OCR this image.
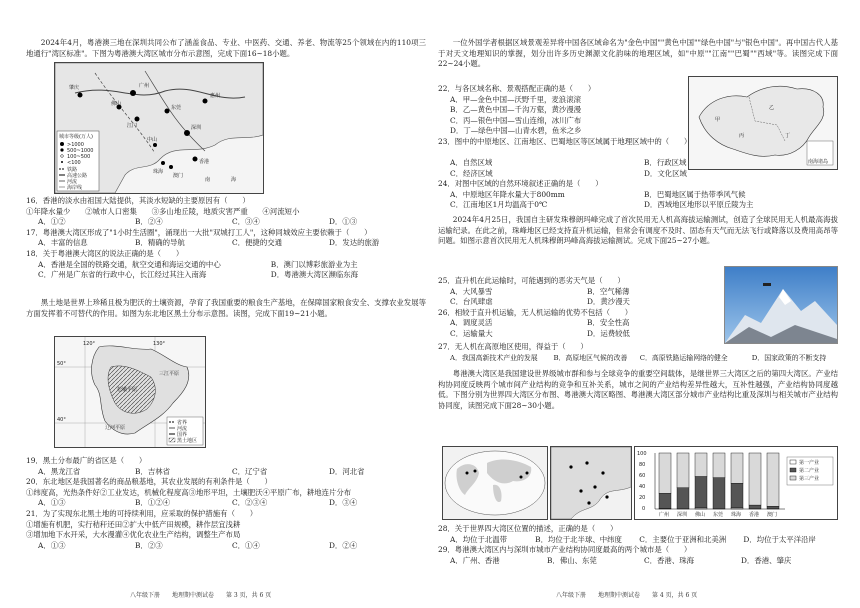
2024年4月，粤港澳三地在深圳共同公布了涵盖食品、专业、中医药、交通、养老、物流等25个领域在内的110项三地通行"湾区标准"。下图为粤港澳大湾区城市分布示意图，完成下面16~18小题。

肇庆	广州
东莞
惠州
江门	深圳
佛山
中山
珠海
香港
澳门
南	海
城市等级(万人)
>1000
500~1000
100~500
<100
铁路
高速公路
河流
海岸线

16．香港的淡水由祖国大陆提供，其淡水短缺的主要原因有（　　）

①年降水量少　　②城市人口密集　　③多山地丘陵，地质灾害严重　　④河流短小

A．①②	B．②④	C．③④	D．①③

17．粤港澳大湾区形成了"1小时生活圈"，涌现出一大批"双城打工人"，这种同城效应主要依赖于（　　）

A．丰富的信息	B．精确的导航	C．便捷的交通	D．发达的旅游

18．关于粤港澳大湾区的说法正确的是（　　）

A．香港是全国的铁路交通，航空交通和海运交通的中心	B．澳门以博彩旅游业为主
C．广州是广东省的行政中心，长江经过其注入南海	D．粤港澳大湾区濒临东海

黑土地是世界上珍稀且极为肥沃的土壤资源，孕育了我国重要的粮食生产基地，在保障国家粮食安全、支撑农业发展等方面发挥着不可替代的作用。如图为东北地区黑土分布示意图。读图，完成下面19~21小题。

120°	130°
50°
40°
松嫩平原
三江平原
辽河平原
省界
河流
国界
黑土地区

19．黑土分布最广的省区是（　　）

A．黑龙江省	B．吉林省	C．辽宁省	D．河北省

20．东北地区是我国著名的商品粮基地，其农业发展的有利条件是（　　）

①纬度高，光热条件好②工业发达，机械化程度高③地形平坦，土壤肥沃④平原广布，耕地连片分布

A．①③	B．①②④	C．②③④	D．③④

21．为了实现东北黑土地的可持续利用，应采取的保护措施有（　　）

①增施有机肥，实行秸秆还田②扩大中低产田规模，耕作层宜浅耕

③增加地下水开采，大水漫灌④优化农业生产结构，调整生产布局

A．①③	B．②③	C．①④	D．②④
八年级下册　　地理期中测试卷　　第 3 页，共 6 页

一位外国学者根据区域景观差异将中国各区域命名为"金色中国""黄色中国""绿色中国"与"银色中国"。再中国古代人基于对天文地理知识的掌握，划分出许多历史渊源文化韵味的地理区域，如"中原""江南""巴蜀""西域"等。读图完成下面22~24小题。

甲
乙
丙	丁
南海诸岛

22．与各区域名称、景观搭配正确的是（　　）

A．甲—金色中国—沃野千里，麦浪滚滚

B．乙—黄色中国—千沟万壑，黄沙漫漫

C．丙—银色中国—雪山连绵，冰川广布

D．丁—绿色中国—山青水碧，鱼米之乡

23．图中的中原地区、江南地区、巴蜀地区等区域属于地理区域中的（　　）

A．自然区域	B．行政区域
C．经济区域	D．文化区域

24．对图中区域的自然环境叙述正确的是（　　）

A．中原地区年降水量大于800mm	B．巴蜀地区属于热带季风气候
C．江南地区1月均温高于0℃	D．西域地区地形以平原丘陵为主

2024年4月25日，我国自主研发珠穆朗玛峰完成了首次民用无人机高海拔运输测试，创造了全球民用无人机最高海拔运输纪录。在此之前，珠峰地区已经支持直升机运输，但常会有调度不及时、固态有天气而无法飞行或降落以及费用高昂等问题。如图示意首次民用无人机珠穆朗玛峰高海拔运输测试。完成下面25~27小题。

25．直升机在此运输时，可能遇到的恶劣天气是（　　）

A．大风暴雪	B．空气稀薄
C．台风肆虐	D．黄沙漫天

26．相较于直升机运输，无人机运输的优势不包括（　　）

A．调度灵活	B．安全性高
C．运输量大	D．运费较低

27．无人机在高原地区使用，得益于（　　）

A．我国高新技术产业的发展	B．高原地区气候的改善	C．高原铁路运输网络的健全	D．国家政策的不断支持

粤港澳大湾区是我国建设世界级城市群和参与全球竞争的重要空间载体，是继世界三大湾区之后的第四大湾区。产业结构协同度反映两个城市间产业结构的竞争和互补关系，城市之间的产业结构差异性越大，互补性越强，产业结构协同度越低。下图分别为世界四大湾区分布图、粤港澳大湾区略图、粤港澳大湾区部分城市产业结构比重及深圳与相关城市产业结构协同度，读图完成下面28~30小题。

广州 深圳 佛山 东莞 珠海 香港 澳门
第一产业
第二产业
第三产业
100
80
60
40
20
0

28．关于世界四大湾区位置的描述，正确的是（　　）

A．均位于北温带	B．均位于北半球、中纬度	C．主要位于亚洲和北美洲	D．均位于太平洋沿岸

29．粤港澳大湾区内与深圳市城市产业结构协同度最高的两个城市是（　　）

A．广州、香港	B．佛山、东莞	C．香港、珠海	D．香港、肇庆
八年级下册　　地理期中测试卷　　第 4 页，共 6 页
